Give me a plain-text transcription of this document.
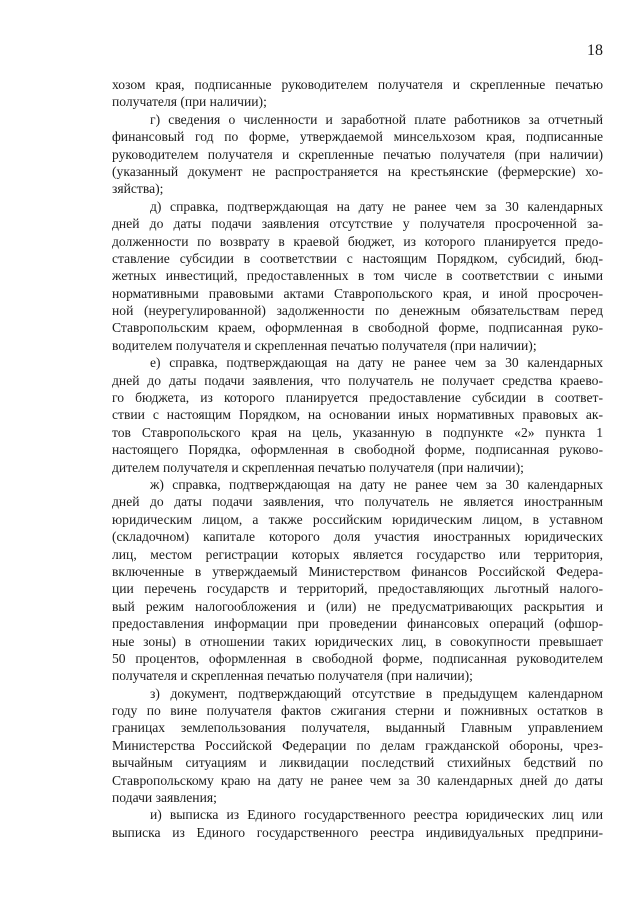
18
хозом края, подписанные руководителем получателя и скрепленные печатью
получателя (при наличии);
г) сведения о численности и заработной плате работников за отчетный
финансовый год по форме, утверждаемой минсельхозом края, подписанные
руководителем получателя и скрепленные печатью получателя (при наличии)
(указанный документ не распространяется на крестьянские (фермерские) хо-
зяйства);
д) справка, подтверждающая на дату не ранее чем за 30 календарных
дней до даты подачи заявления отсутствие у получателя просроченной за-
долженности по возврату в краевой бюджет, из которого планируется предо-
ставление субсидии в соответствии с настоящим Порядком, субсидий, бюд-
жетных инвестиций, предоставленных в том числе в соответствии с иными
нормативными правовыми актами Ставропольского края, и иной просрочен-
ной (неурегулированной) задолженности по денежным обязательствам перед
Ставропольским краем, оформленная в свободной форме, подписанная руко-
водителем получателя и скрепленная печатью получателя (при наличии);
е) справка, подтверждающая на дату не ранее чем за 30 календарных
дней до даты подачи заявления, что получатель не получает средства краево-
го бюджета, из которого планируется предоставление субсидии в соответ-
ствии с настоящим Порядком, на основании иных нормативных правовых ак-
тов Ставропольского края на цель, указанную в подпункте «2» пункта 1
настоящего Порядка, оформленная в свободной форме, подписанная руково-
дителем получателя и скрепленная печатью получателя (при наличии);
ж) справка, подтверждающая на дату не ранее чем за 30 календарных
дней до даты подачи заявления, что получатель не является иностранным
юридическим лицом, а также российским юридическим лицом, в уставном
(складочном) капитале которого доля участия иностранных юридических
лиц, местом регистрации которых является государство или территория,
включенные в утверждаемый Министерством финансов Российской Федера-
ции перечень государств и территорий, предоставляющих льготный налого-
вый режим налогообложения и (или) не предусматривающих раскрытия и
предоставления информации при проведении финансовых операций (офшор-
ные зоны) в отношении таких юридических лиц, в совокупности превышает
50 процентов, оформленная в свободной форме, подписанная руководителем
получателя и скрепленная печатью получателя (при наличии);
з) документ, подтверждающий отсутствие в предыдущем календарном
году по вине получателя фактов сжигания стерни и пожнивных остатков в
границах землепользования получателя, выданный Главным управлением
Министерства Российской Федерации по делам гражданской обороны, чрез-
вычайным ситуациям и ликвидации последствий стихийных бедствий по
Ставропольскому краю на дату не ранее чем за 30 календарных дней до даты
подачи заявления;
и) выписка из Единого государственного реестра юридических лиц или
выписка из Единого государственного реестра индивидуальных предприни-
